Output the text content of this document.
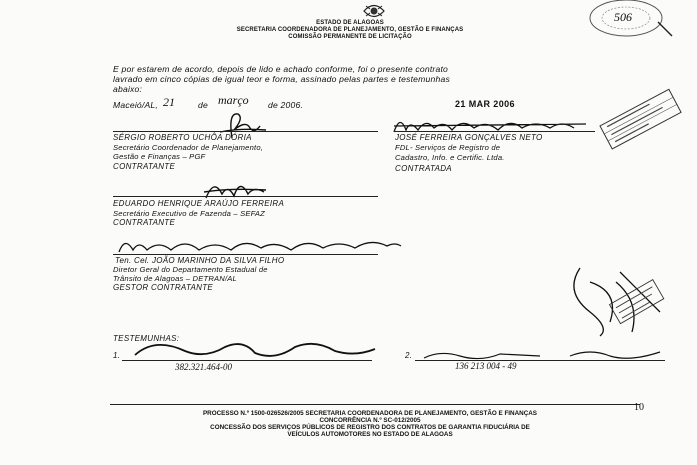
ESTADO DE ALAGOAS
SECRETARIA COORDENADORA DE PLANEJAMENTO, GESTÃO E FINANÇAS
COMISSÃO PERMANENTE DE LICITAÇÃO
506
E por estarem de acordo, depois de lido e achado conforme, foi o presente contrato
lavrado em cinco cópias de igual teor e forma, assinado pelas partes e testemunhas
abaixo:
Maceió/AL, 21	de março de 2006.	21 MAR 2006
SÉRGIO ROBERTO UCHÔA DÓRIA
Secretário Coordenador de Planejamento,
Gestão e Finanças – PGF
CONTRATANTE
JOSÉ FERREIRA GONÇALVES NETO
FDL- Serviços de Registro de
Cadastro, Info. e Certific. Ltda.
CONTRATADA
EDUARDO HENRIQUE ARAÚJO FERREIRA
Secretário Executivo de Fazenda – SEFAZ
CONTRATANTE
Ten. Cel. JOÃO MARINHO DA SILVA FILHO
Diretor Geral do Departamento Estadual de
Trânsito de Alagoas – DETRAN/AL
GESTOR CONTRATANTE
TESTEMUNHAS:
1.
382.321.464-00
2.
136 213 004 - 49
PROCESSO N.º 1500-026526/2005 SECRETARIA COORDENADORA DE PLANEJAMENTO, GESTÃO E FINANÇAS
CONCORRÊNCIA N.º SC-012/2005
CONCESSÃO DOS SERVIÇOS PÚBLICOS DE REGISTRO DOS CONTRATOS DE GARANTIA FIDUCIÁRIA DE
VEÍCULOS AUTOMOTORES NO ESTADO DE ALAGOAS
10
